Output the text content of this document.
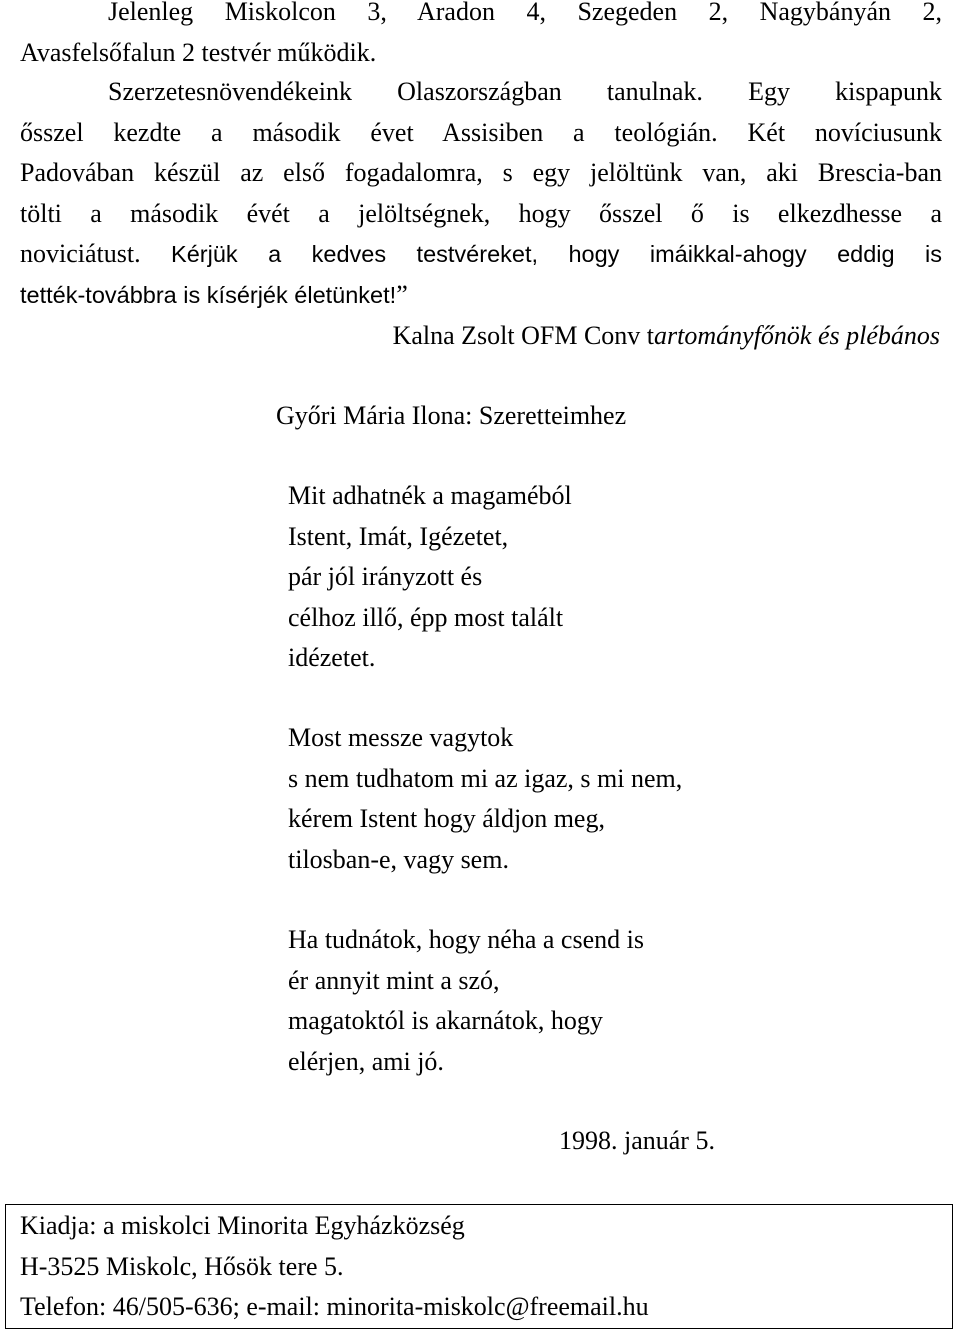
Jelenleg Miskolcon 3, Aradon 4, Szegeden 2, Nagybányán 2,
Avasfelsőfalun 2 testvér működik.

Szerzetesnövendékeink Olaszországban tanulnak. Egy kispapunk
ősszel kezdte a második évet Assisiben a teológián. Két novíciusunk
Padovában készül az első fogadalomra, s egy jelöltünk van, aki Brescia-ban
tölti a második évét a jelöltségnek, hogy ősszel ő is elkezdhesse a
noviciátust. Kérjük a kedves testvéreket, hogy imáikkal-ahogy eddig is
tették-továbbra is kísérjék életünket!”

Kalna Zsolt OFM Conv tartományfőnök és plébános

Győri Mária Ilona: Szeretteimhez
Mit adhatnék a magaméból
Istent, Imát, Igézetet,
pár jól irányzott és
célhoz illő, épp most talált
idézetet.
Most messze vagytok
s nem tudhatom mi az igaz, s mi nem,
kérem Istent hogy áldjon meg,
tilosban-e, vagy sem.
Ha tudnátok, hogy néha a csend is
ér annyit mint a szó,
magatoktól is akarnátok, hogy
elérjen, ami jó.

1998. január 5.

Kiadja: a miskolci Minorita Egyházközség
H-3525 Miskolc, Hősök tere 5.
Telefon: 46/505-636; e-mail: minorita-miskolc@freemail.hu
